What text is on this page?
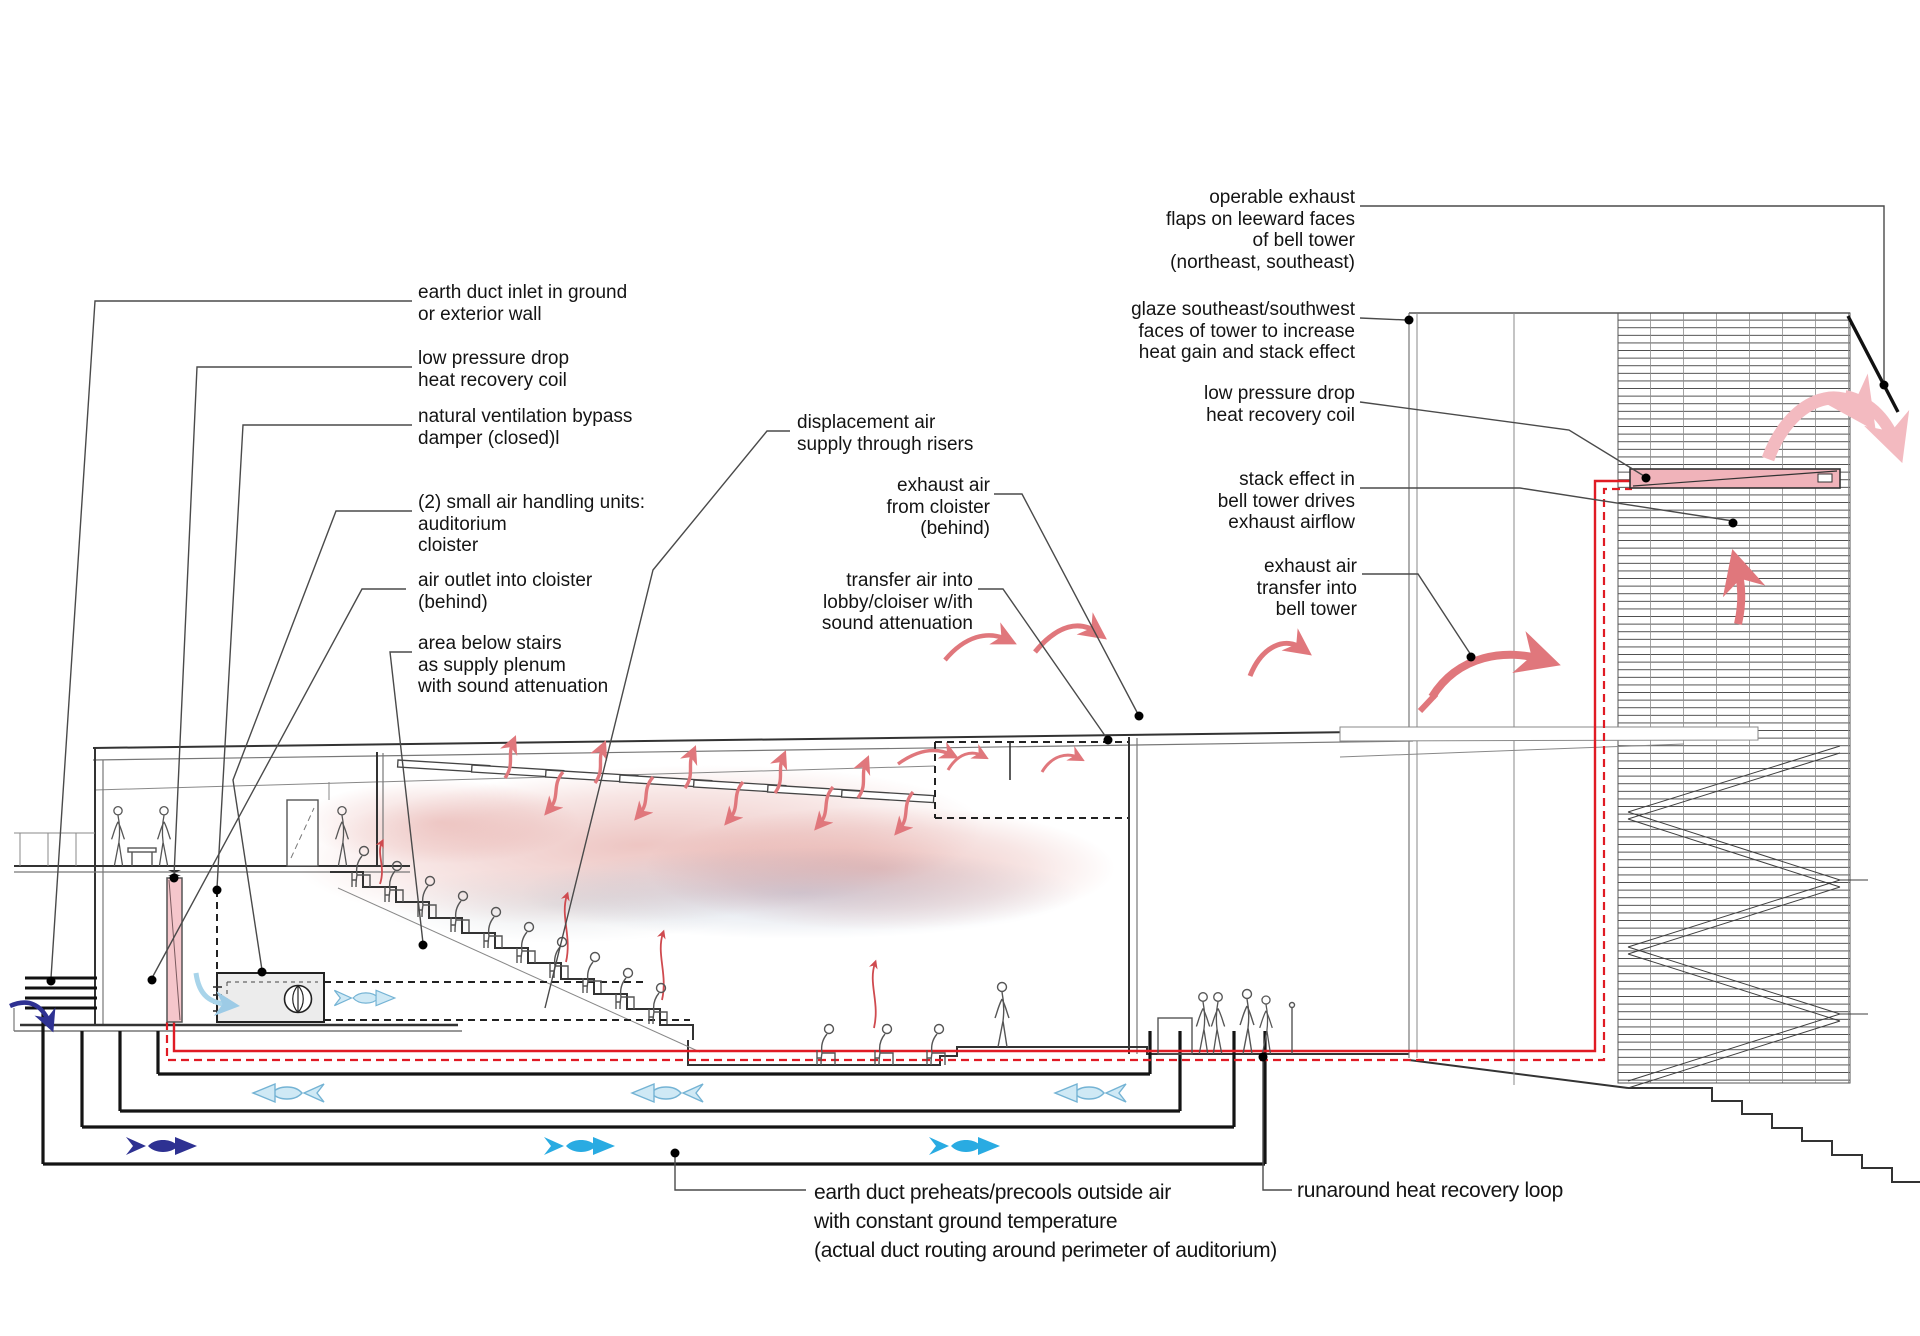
earth duct inlet in ground
or exterior wall
low pressure drop
heat recovery coil
natural ventilation bypass
damper (closed)l
(2) small air handling units:
auditorium
cloister
air outlet into cloister
(behind)
area below stairs
as supply plenum
with sound attenuation
displacement air
supply through risers
exhaust air
from cloister
(behind)
transfer air into
lobby/cloiser w/ith
sound attenuation
operable exhaust
flaps on leeward faces
of bell tower
(northeast, southeast)
glaze southeast/southwest
faces of tower to increase
heat gain and stack effect
low pressure drop
heat recovery coil
stack effect in
bell tower drives
exhaust airflow
exhaust air
transfer into
bell tower
earth duct preheats/precools outside air
with constant ground temperature
(actual duct routing around perimeter of auditorium)
runaround heat recovery loop
